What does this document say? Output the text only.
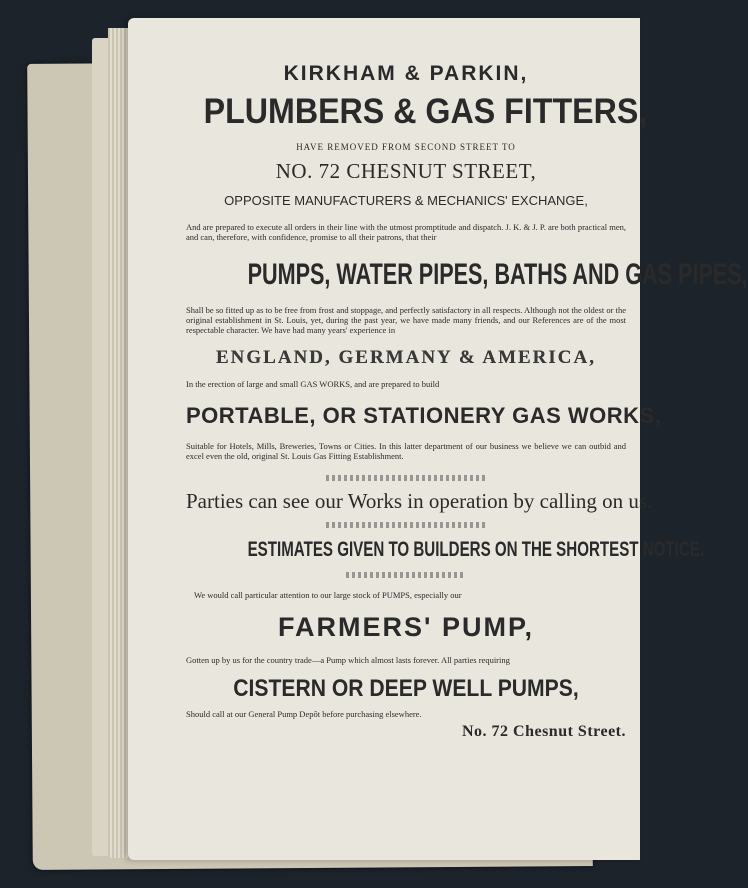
KIRKHAM & PARKIN,
PLUMBERS & GAS FITTERS,
HAVE REMOVED FROM SECOND STREET TO
NO. 72 CHESNUT STREET,
OPPOSITE MANUFACTURERS & MECHANICS' EXCHANGE,
And are prepared to execute all orders in their line with the utmost promptitude and dispatch. J. K. & J. P. are both practical men, and can, therefore, with confidence, promise to all their patrons, that their
PUMPS, WATER PIPES, BATHS AND GAS PIPES,
Shall be so fitted up as to be free from frost and stoppage, and perfectly satisfactory in all respects. Although not the oldest or the original establishment in St. Louis, yet, during the past year, we have made many friends, and our References are of the most respectable character. We have had many years' experience in
ENGLAND, GERMANY & AMERICA,
In the erection of large and small GAS WORKS, and are prepared to build
PORTABLE, OR STATIONERY GAS WORKS,
Suitable for Hotels, Mills, Breweries, Towns or Cities. In this latter department of our business we believe we can outbid and excel even the old, original St. Louis Gas Fitting Establishment.
Parties can see our Works in operation by calling on us.
ESTIMATES GIVEN TO BUILDERS ON THE SHORTEST NOTICE.
We would call particular attention to our large stock of PUMPS, especially our
FARMERS' PUMP,
Gotten up by us for the country trade—a Pump which almost lasts forever. All parties requiring
CISTERN OR DEEP WELL PUMPS,
Should call at our General Pump Depôt before purchasing elsewhere.
No. 72 Chesnut Street.
